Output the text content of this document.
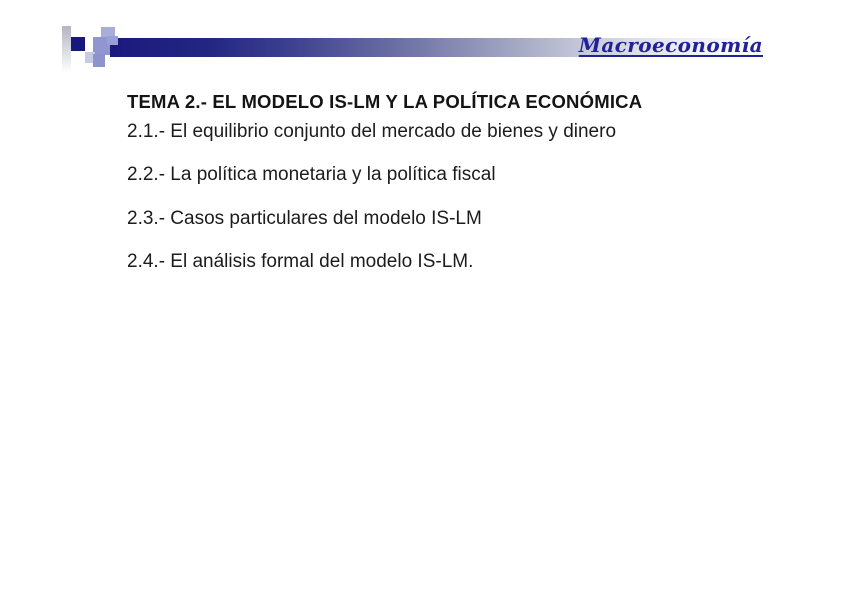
Macroeconomía
TEMA 2.- EL MODELO IS-LM Y LA POLÍTICA ECONÓMICA
2.1.- El equilibrio conjunto del mercado de bienes y dinero
2.2.- La política monetaria y la política fiscal
2.3.- Casos particulares del modelo IS-LM
2.4.- El análisis formal del modelo IS-LM.
